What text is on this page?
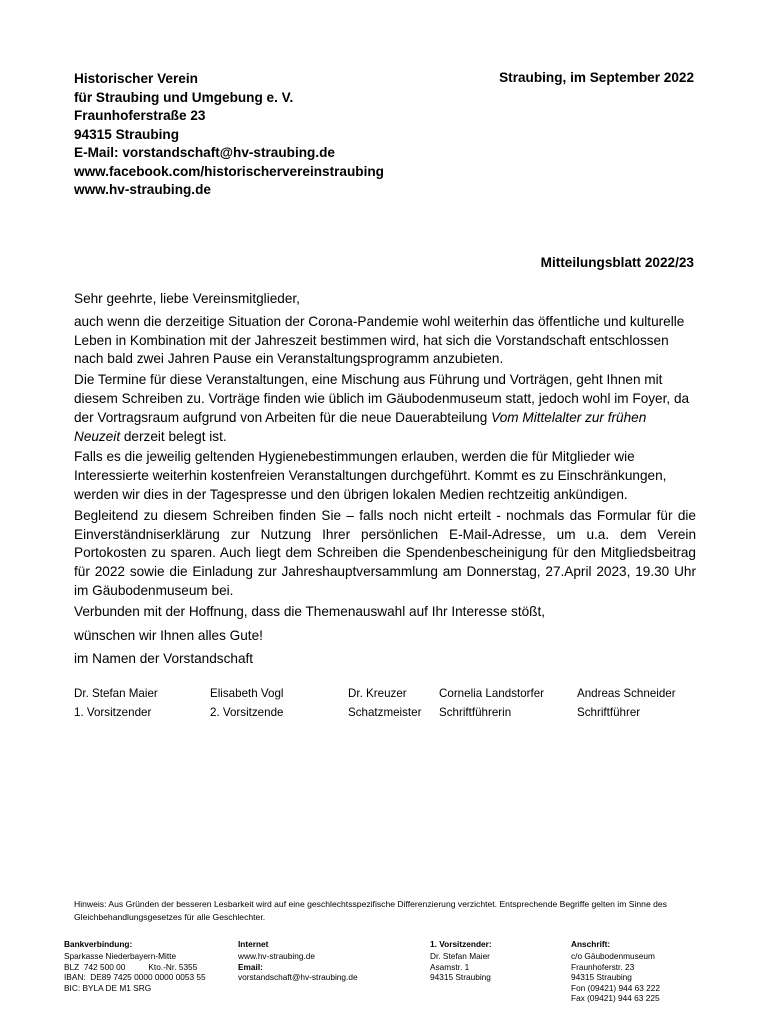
Historischer Verein
für Straubing und Umgebung e. V.
Fraunhoferstraße 23
94315 Straubing
E-Mail: vorstandschaft@hv-straubing.de
www.facebook.com/historischervereinstraubing
www.hv-straubing.de
Straubing, im September 2022
Mitteilungsblatt 2022/23

Sehr geehrte, liebe Vereinsmitglieder,

auch wenn die derzeitige Situation der Corona-Pandemie wohl weiterhin das öffentliche und kulturelle Leben in Kombination mit der Jahreszeit bestimmen wird, hat sich die Vorstandschaft entschlossen nach bald zwei Jahren Pause ein Veranstaltungsprogramm anzubieten.

Die Termine für diese Veranstaltungen, eine Mischung aus Führung und Vorträgen, geht Ihnen mit diesem Schreiben zu. Vorträge finden wie üblich im Gäubodenmuseum statt, jedoch wohl im Foyer, da der Vortragsraum aufgrund von Arbeiten für die neue Dauerabteilung Vom Mittelalter zur frühen Neuzeit derzeit belegt ist.

Falls es die jeweilig geltenden Hygienebestimmungen erlauben, werden die für Mitglieder wie Interessierte weiterhin kostenfreien Veranstaltungen durchgeführt. Kommt es zu Einschränkungen, werden wir dies in der Tagespresse und den übrigen lokalen Medien rechtzeitig ankündigen.

Begleitend zu diesem Schreiben finden Sie – falls noch nicht erteilt - nochmals das Formular für die Einverständniserklärung zur Nutzung Ihrer persönlichen E-Mail-Adresse, um u.a. dem Verein Portokosten zu sparen. Auch liegt dem Schreiben die Spendenbescheinigung für den Mitgliedsbeitrag für 2022 sowie die Einladung zur Jahreshauptversammlung am Donnerstag, 27.April 2023, 19.30 Uhr im Gäubodenmuseum bei.

Verbunden mit der Hoffnung, dass die Themenauswahl auf Ihr Interesse stößt,

wünschen wir Ihnen alles Gute!

im Namen der Vorstandschaft

Dr. Stefan Maier
1. Vorsitzender
Elisabeth Vogl
2. Vorsitzende
Dr. Kreuzer
Schatzmeister
Cornelia Landstorfer
Schriftführerin
Andreas Schneider
Schriftführer
Hinweis: Aus Gründen der besseren Lesbarkeit wird auf eine geschlechtsspezifische Differenzierung verzichtet. Entsprechende Begriffe gelten im Sinne des Gleichbehandlungsgesetzes für alle Geschlechter.
Bankverbindung:
Sparkasse Niederbayern-Mitte
BLZ  742 500 00          Kto.-Nr. 5355
IBAN:  DE89 7425 0000 0000 0053 55
BIC: BYLA DE M1 SRG
Internet
www.hv-straubing.de
Email:
vorstandschaft@hv-straubing.de
1. Vorsitzender:
Dr. Stefan Maier
Asamstr. 1
94315 Straubing
Anschrift:
c/o Gäubodenmuseum
Fraunhoferstr. 23
94315 Straubing
Fon (09421) 944 63 222
Fax (09421) 944 63 225
